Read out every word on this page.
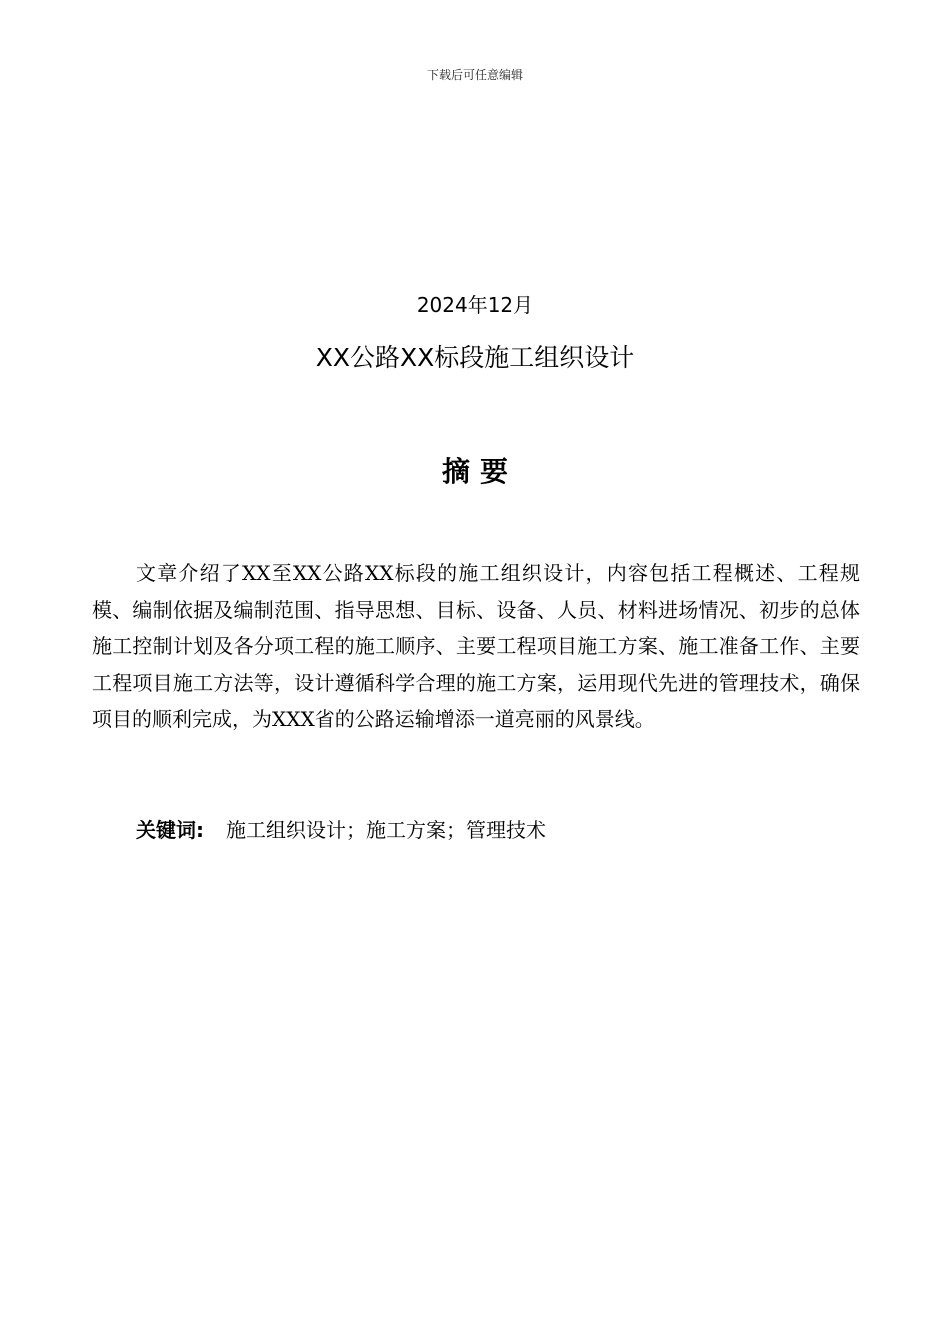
下载后可任意编辑
2024年12月
XX公路XX标段施工组织设计
摘要
文章介绍了XX至XX公路XX标段的施工组织设计，内容包括工程概述、工程规模、编制依据及编制范围、指导思想、目标、设备、人员、材料进场情况、初步的总体施工控制计划及各分项工程的施工顺序、主要工程项目施工方案、施工准备工作、主要工程项目施工方法等，设计遵循科学合理的施工方案，运用现代先进的管理技术，确保项目的顺利完成，为XXX省的公路运输增添一道亮丽的风景线。
关键词: 施工组织设计；施工方案；管理技术
